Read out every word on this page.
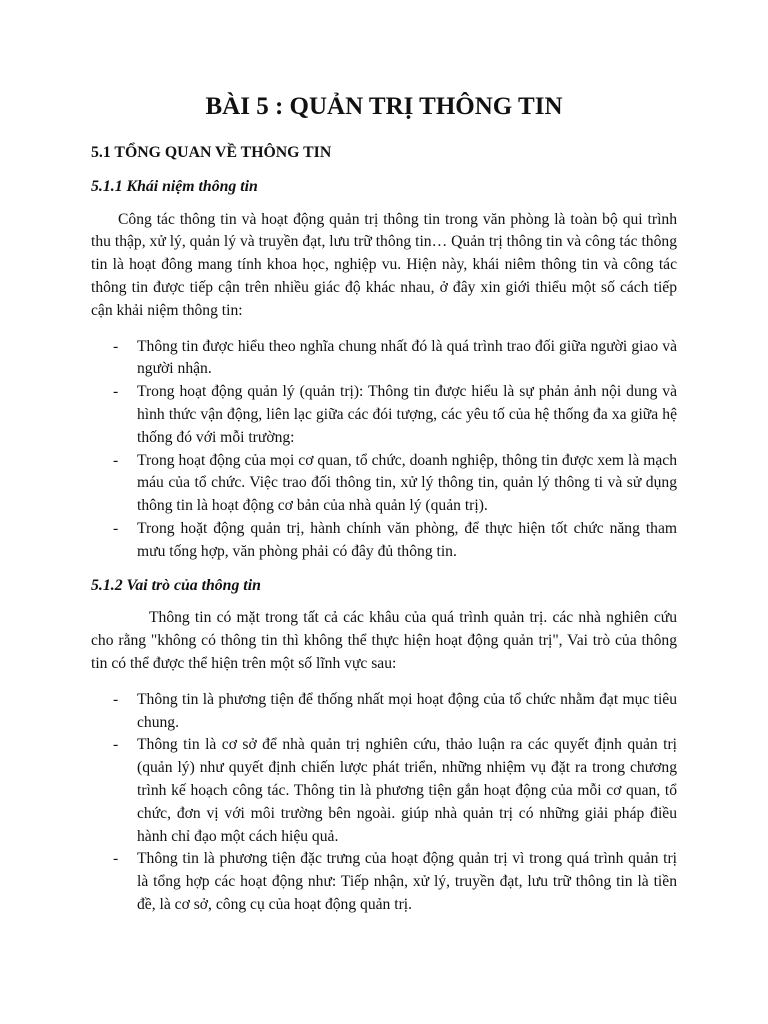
BÀI 5 : QUẢN TRỊ THÔNG TIN
5.1 TỔNG QUAN VỀ THÔNG TIN
5.1.1 Khái niệm thông tin

Công tác thông tin và hoạt động quản trị thông tin trong văn phòng là toàn bộ qui trình thu thập, xử lý, quản lý và truyền đạt, lưu trữ thông tin… Quản trị thông tin và công tác thông tin là hoạt đông mang tính khoa học, nghiệp vu. Hiện này, khái niêm thông tin và công tác thông tin được tiếp cận trên nhiều giác độ khác nhau, ở đây xin giới thiểu một số cách tiếp cận khải niệm thông tin:

- Thông tin được hiểu theo nghĩa chung nhất đó là quá trình trao đối giữa người giao và người nhận.
- Trong hoạt động quản lý (quản trị): Thông tin được hiểu là sự phản ảnh nội dung và hình thức vận động, liên lạc giữa các đói tượng, các yêu tố của hệ thống đa xa giữa hệ thống đó với mỗi trường:
- Trong hoạt động của mọi cơ quan, tổ chức, doanh nghiệp, thông tin được xem là mạch máu của tổ chức. Việc trao đối thông tin, xử lý thông tin, quản lý thông ti và sử dụng thông tin là hoạt động cơ bản của nhà quản lý (quản trị).
- Trong hoặt động quản trị, hành chính văn phòng, để thực hiện tốt chức năng tham mưu tống hợp, văn phòng phải có đây đủ thông tin.
5.1.2 Vai trò của thông tin

Thông tin có mặt trong tất cả các khâu của quá trình quản trị. các nhà nghiên cứu cho rằng "không có thông tin thì không thể thực hiện hoạt động quản trị", Vai trò của thông tin có thể được thể hiện trên một số lĩnh vực sau:

- Thông tin là phương tiện để thống nhất mọi hoạt động của tổ chức nhằm đạt mục tiêu chung.
- Thông tin là cơ sở để nhà quản trị nghiên cứu, thảo luận ra các quyết định quản trị (quản lý) như quyết định chiến lược phát triển, những nhiệm vụ đặt ra trong chương trình kế hoạch công tác. Thông tin là phương tiện gắn hoạt động của mỗi cơ quan, tổ chức, đơn vị với môi trường bên ngoài. giúp nhà quản trị có những giải pháp điều hành chỉ đạo một cách hiệu quả.
- Thông tin là phương tiện đặc trưng của hoạt động quản trị vì trong quá trình quản trị là tổng hợp các hoạt động như: Tiếp nhận, xử lý, truyền đạt, lưu trữ thông tin là tiền đề, là cơ sở, công cụ của hoạt động quản trị.
